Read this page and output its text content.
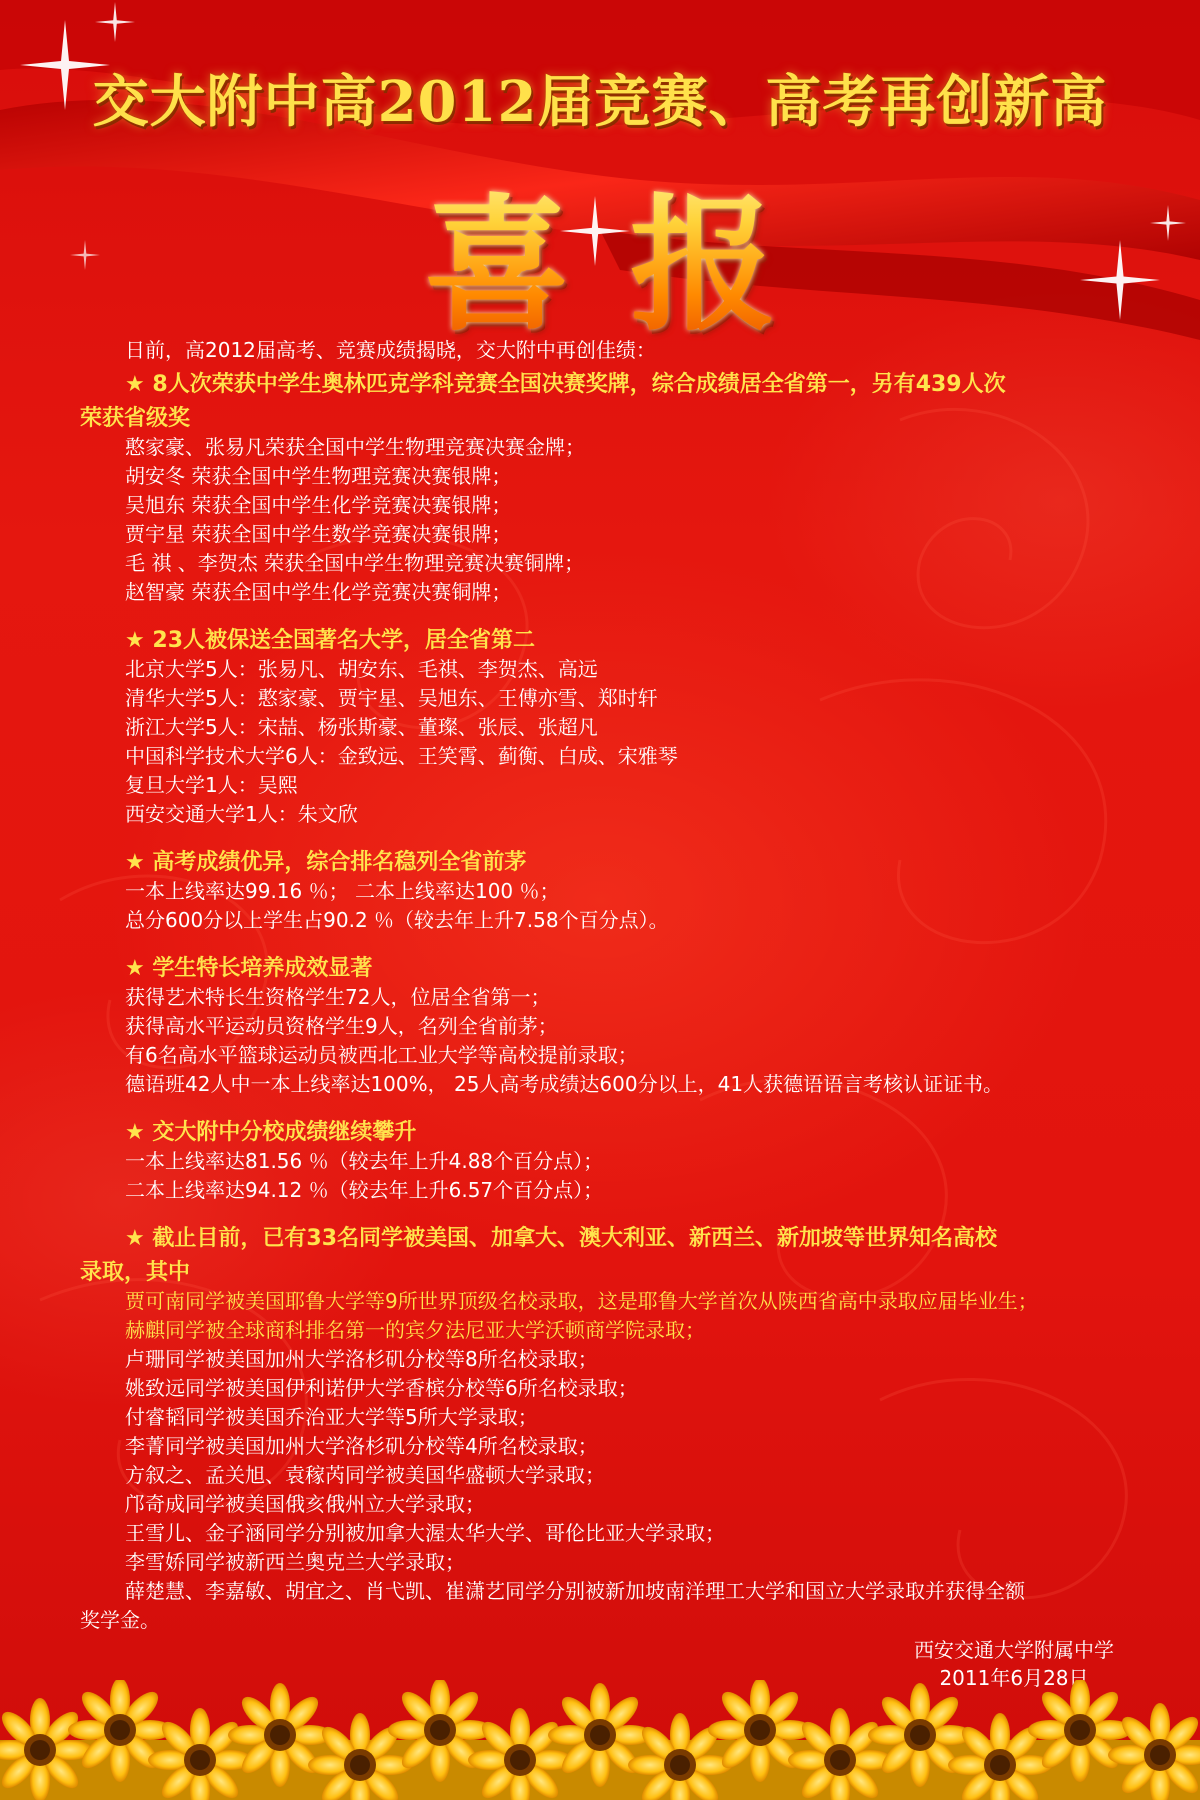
交大附中高2012届竞赛、高考再创新高
喜报
日前，高2012届高考、竞赛成绩揭晓，交大附中再创佳绩：
★ 8人次荣获中学生奥林匹克学科竞赛全国决赛奖牌，综合成绩居全省第一，另有439人次
荣获省级奖
憨家豪、张易凡荣获全国中学生物理竞赛决赛金牌；
胡安冬 荣获全国中学生物理竞赛决赛银牌；
吴旭东 荣获全国中学生化学竞赛决赛银牌；
贾宇星 荣获全国中学生数学竞赛决赛银牌；
毛 祺 、李贺杰 荣获全国中学生物理竞赛决赛铜牌；
赵智豪 荣获全国中学生化学竞赛决赛铜牌；
★ 23人被保送全国著名大学，居全省第二
北京大学5人：张易凡、胡安东、毛祺、李贺杰、高远
清华大学5人：憨家豪、贾宇星、吴旭东、王傅亦雪、郑时轩
浙江大学5人：宋喆、杨张斯豪、董璨、张辰、张超凡
中国科学技术大学6人：金致远、王笑霄、蓟衡、白成、宋雅琴
复旦大学1人：吴熙
西安交通大学1人：朱文欣
★ 高考成绩优异，综合排名稳列全省前茅
一本上线率达99.16 ％； 二本上线率达100 ％；
总分600分以上学生占90.2 ％（较去年上升7.58个百分点）。
★ 学生特长培养成效显著
获得艺术特长生资格学生72人，位居全省第一；
获得高水平运动员资格学生9人，名列全省前茅；
有6名高水平篮球运动员被西北工业大学等高校提前录取；
德语班42人中一本上线率达100%， 25人高考成绩达600分以上，41人获德语语言考核认证证书。
★ 交大附中分校成绩继续攀升
一本上线率达81.56 ％（较去年上升4.88个百分点）；
二本上线率达94.12 ％（较去年上升6.57个百分点）；
★ 截止目前，已有33名同学被美国、加拿大、澳大利亚、新西兰、新加坡等世界知名高校
录取，其中
贾可南同学被美国耶鲁大学等9所世界顶级名校录取，这是耶鲁大学首次从陕西省高中录取应届毕业生；
赫麒同学被全球商科排名第一的宾夕法尼亚大学沃顿商学院录取；
卢珊同学被美国加州大学洛杉矶分校等8所名校录取；
姚致远同学被美国伊利诺伊大学香槟分校等6所名校录取；
付睿韬同学被美国乔治亚大学等5所大学录取；
李菁同学被美国加州大学洛杉矶分校等4所名校录取；
方叙之、孟关旭、袁稼芮同学被美国华盛顿大学录取；
邝奇成同学被美国俄亥俄州立大学录取；
王雪儿、金子涵同学分别被加拿大渥太华大学、哥伦比亚大学录取；
李雪娇同学被新西兰奥克兰大学录取；
薛楚慧、李嘉敏、胡宜之、肖弋凯、崔潇艺同学分别被新加坡南洋理工大学和国立大学录取并获得全额
奖学金。
西安交通大学附属中学
2011年6月28日
